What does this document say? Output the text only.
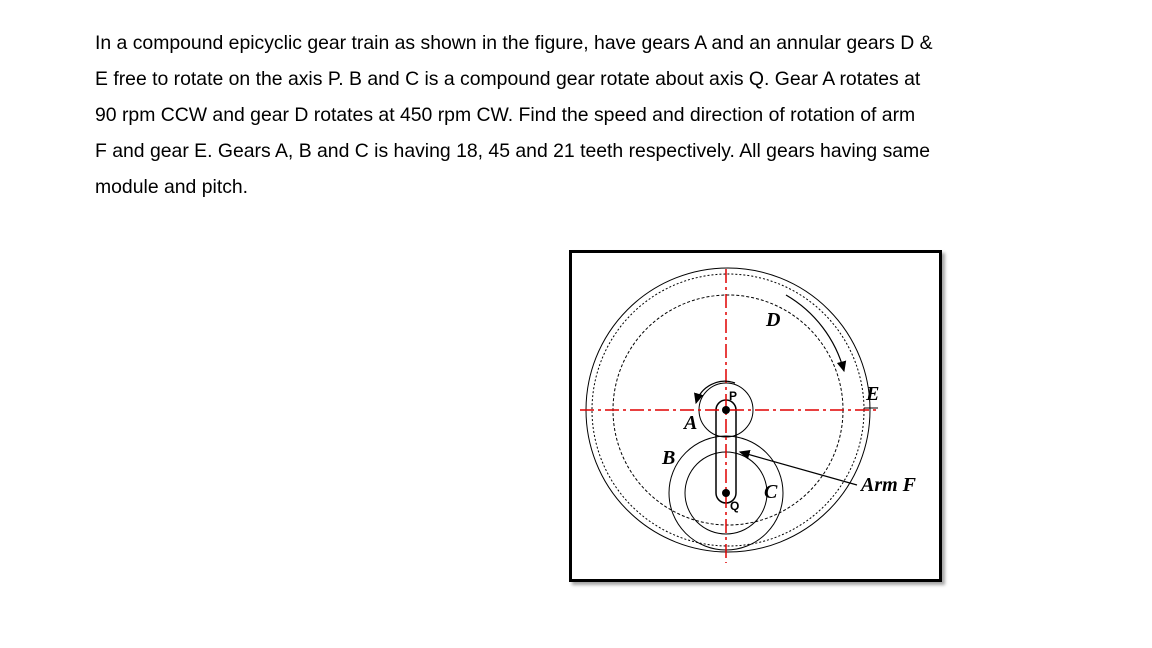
In a compound epicyclic gear train as shown in the figure, have gears A and an annular gears D &
E free to rotate on the axis P. B and C is a compound gear rotate about axis Q. Gear A rotates at
90 rpm CCW and gear D rotates at 450 rpm CW. Find the speed and direction of rotation of arm
F and gear E. Gears A, B and C is having 18, 45 and 21 teeth respectively. All gears having same
module and pitch.
D
E
A
B
C
P
Q
Arm F
